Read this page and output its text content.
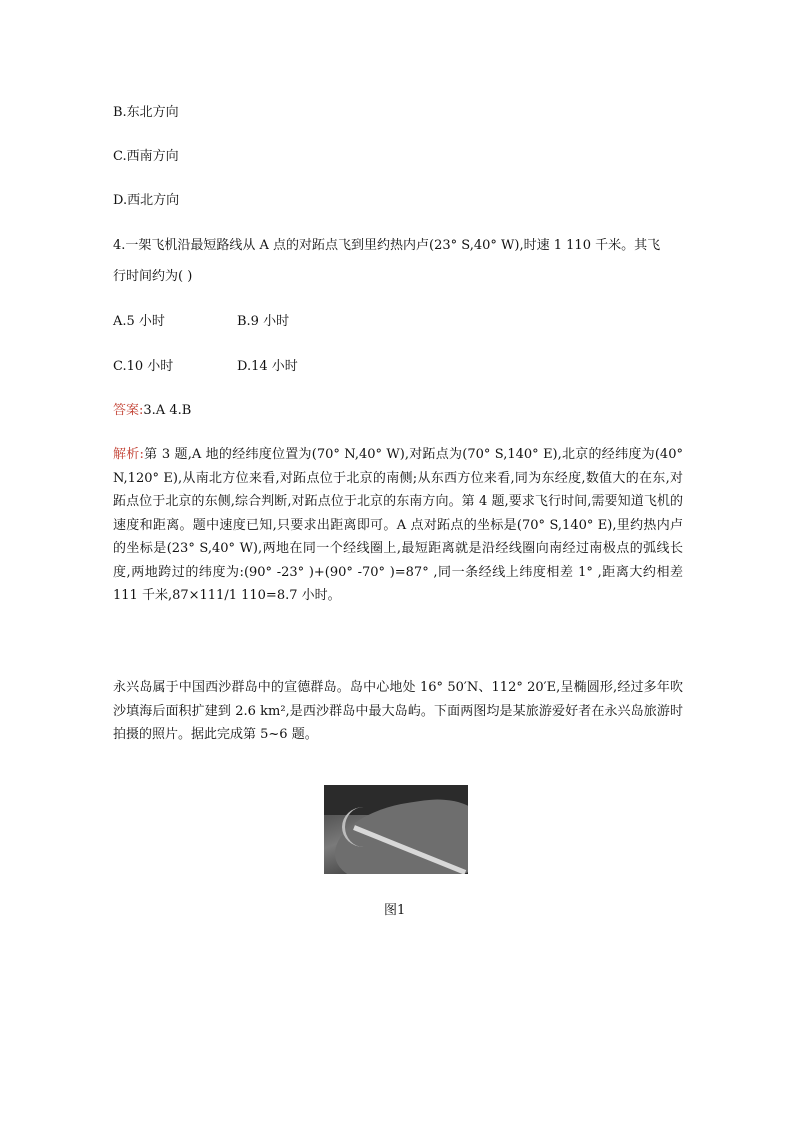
B.东北方向
C.西南方向
D.西北方向
4.一架飞机沿最短路线从 A 点的对跖点飞到里约热内卢(23° S,40° W),时速 1 110 千米。其飞
行时间约为( )
A.5 小时	B.9 小时
C.10 小时	D.14 小时
答案:3.A 4.B
解析:第 3 题,A 地的经纬度位置为(70° N,40° W),对跖点为(70° S,140° E),北京的经纬度为(40° N,120° E),从南北方位来看,对跖点位于北京的南侧;从东西方位来看,同为东经度,数值大的在东,对跖点位于北京的东侧,综合判断,对跖点位于北京的东南方向。第 4 题,要求飞行时间,需要知道飞机的速度和距离。题中速度已知,只要求出距离即可。A 点对跖点的坐标是(70° S,140° E),里约热内卢的坐标是(23° S,40° W),两地在同一个经线圈上,最短距离就是沿经线圈向南经过南极点的弧线长度,两地跨过的纬度为:(90° -23° )+(90° -70° )=87° ,同一条经线上纬度相差 1° ,距离大约相差 111 千米,87×111/1 110=8.7 小时。
永兴岛属于中国西沙群岛中的宣德群岛。岛中心地处 16° 50′N、112° 20′E,呈椭圆形,经过多年吹沙填海后面积扩建到 2.6 km²,是西沙群岛中最大岛屿。下面两图均是某旅游爱好者在永兴岛旅游时拍摄的照片。据此完成第 5~6 题。
图1
